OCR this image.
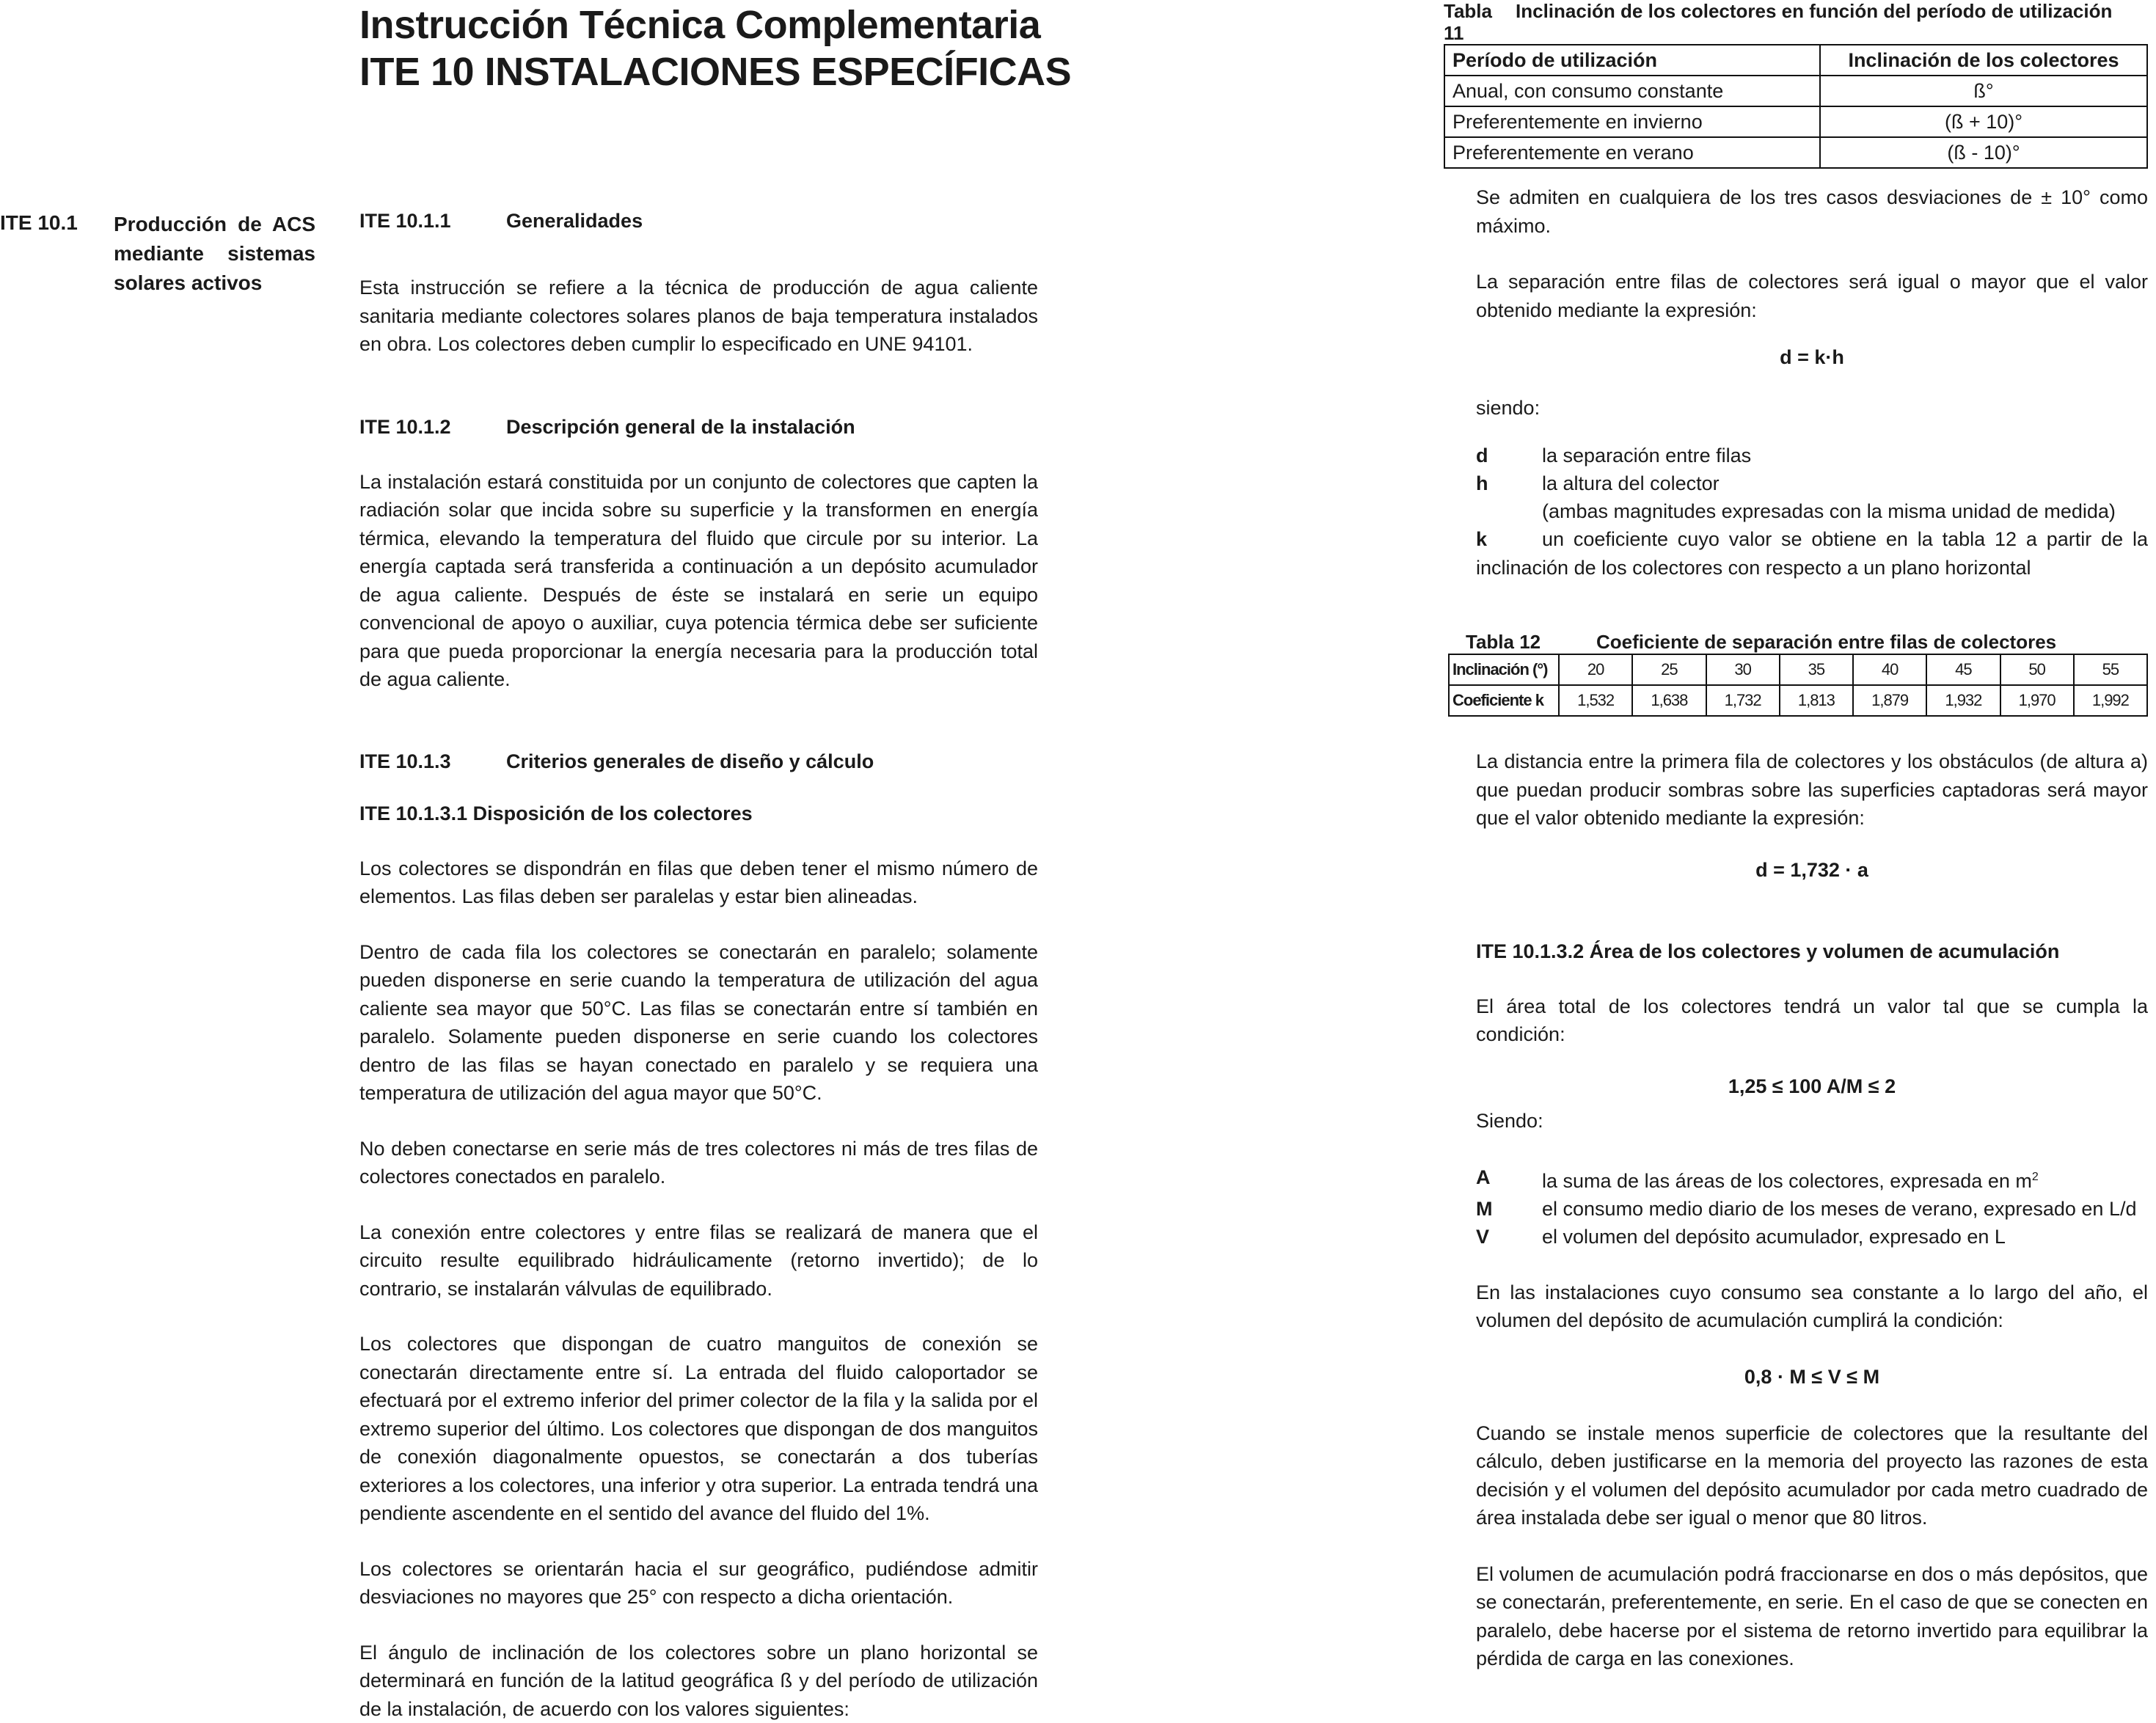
Instrucción Técnica Complementaria
ITE 10 INSTALACIONES ESPECÍFICAS
ITE 10.1 Producción de ACS mediante sistemas solares activos
ITE 10.1.1	Generalidades

Esta instrucción se refiere a la técnica de producción de agua caliente sanitaria mediante colectores solares planos de baja temperatura instalados en obra. Los colectores deben cumplir lo especificado en UNE 94101.

ITE 10.1.2	Descripción general de la instalación

La instalación estará constituida por un conjunto de colectores que capten la radiación solar que incida sobre su superficie y la transformen en energía térmica, elevando la temperatura del fluido que circule por su interior. La energía captada será transferida a continuación a un depósito acumulador de agua caliente. Después de éste se instalará en serie un equipo convencional de apoyo o auxiliar, cuya potencia térmica debe ser suficiente para que pueda proporcionar la energía necesaria para la producción total de agua caliente.

ITE 10.1.3	Criterios generales de diseño y cálculo
ITE 10.1.3.1 Disposición de los colectores

Los colectores se dispondrán en filas que deben tener el mismo número de elementos. Las filas deben ser paralelas y estar bien alineadas.

Dentro de cada fila los colectores se conectarán en paralelo; solamente pueden disponerse en serie cuando la temperatura de utilización del agua caliente sea mayor que 50°C. Las filas se conectarán entre sí también en paralelo. Solamente pueden disponerse en serie cuando los colectores dentro de las filas se hayan conectado en paralelo y se requiera una temperatura de utilización del agua mayor que 50°C.

No deben conectarse en serie más de tres colectores ni más de tres filas de colectores conectados en paralelo.

La conexión entre colectores y entre filas se realizará de manera que el circuito resulte equilibrado hidráulicamente (retorno invertido); de lo contrario, se instalarán válvulas de equilibrado.

Los colectores que dispongan de cuatro manguitos de conexión se conectarán directamente entre sí. La entrada del fluido caloportador se efectuará por el extremo inferior del primer colector de la fila y la salida por el extremo superior del último. Los colectores que dispongan de dos manguitos de conexión diagonalmente opuestos, se conectarán a dos tuberías exteriores a los colectores, una inferior y otra superior. La entrada tendrá una pendiente ascendente en el sentido del avance del fluido del 1%.

Los colectores se orientarán hacia el sur geográfico, pudiéndose admitir desviaciones no mayores que 25° con respecto a dicha orientación.

El ángulo de inclinación de los colectores sobre un plano horizontal se determinará en función de la latitud geográfica ß y del período de utilización de la instalación, de acuerdo con los valores siguientes:

Tabla 11
Inclinación de los colectores en función del período de utilización
Período de utilización	Inclinación de los colectores
Anual, con consumo constante	ß°
Preferentemente en invierno	(ß + 10)°
Preferentemente en verano	(ß - 10)°

Se admiten en cualquiera de los tres casos desviaciones de ± 10° como máximo.

La separación entre filas de colectores será igual o mayor que el valor obtenido mediante la expresión:

d = k·h
siendo:
d	la separación entre filas
h	la altura del colector
(ambas magnitudes expresadas con la misma unidad de medida)

k	un coeficiente cuyo valor se obtiene en la tabla 12 a partir de la inclinación de los colectores con respecto a un plano horizontal

Tabla 12	Coeficiente de separación entre filas de colectores
Inclinación (°)	20	25	30	35	40	45	50	55
Coeficiente k	1,532	1,638	1,732	1,813	1,879	1,932	1,970	1,992

La distancia entre la primera fila de colectores y los obstáculos (de altura a) que puedan producir sombras sobre las superficies captadoras será mayor que el valor obtenido mediante la expresión:

d = 1,732 · a
ITE 10.1.3.2 Área de los colectores y volumen de acumulación

El área total de los colectores tendrá un valor tal que se cumpla la condición:

1,25 ≤ 100 A/M ≤ 2
Siendo:
A	la suma de las áreas de los colectores, expresada en $m^2$
M	el consumo medio diario de los meses de verano, expresado en L/d
V	el volumen del depósito acumulador, expresado en L

En las instalaciones cuyo consumo sea constante a lo largo del año, el volumen del depósito de acumulación cumplirá la condición:

0,8 · M ≤ V ≤ M

Cuando se instale menos superficie de colectores que la resultante del cálculo, deben justificarse en la memoria del proyecto las razones de esta decisión y el volumen del depósito acumulador por cada metro cuadrado de área instalada debe ser igual o menor que 80 litros.

El volumen de acumulación podrá fraccionarse en dos o más depósitos, que se conectarán, preferentemente, en serie. En el caso de que se conecten en paralelo, debe hacerse por el sistema de retorno invertido para equilibrar la pérdida de carga en las conexiones.
